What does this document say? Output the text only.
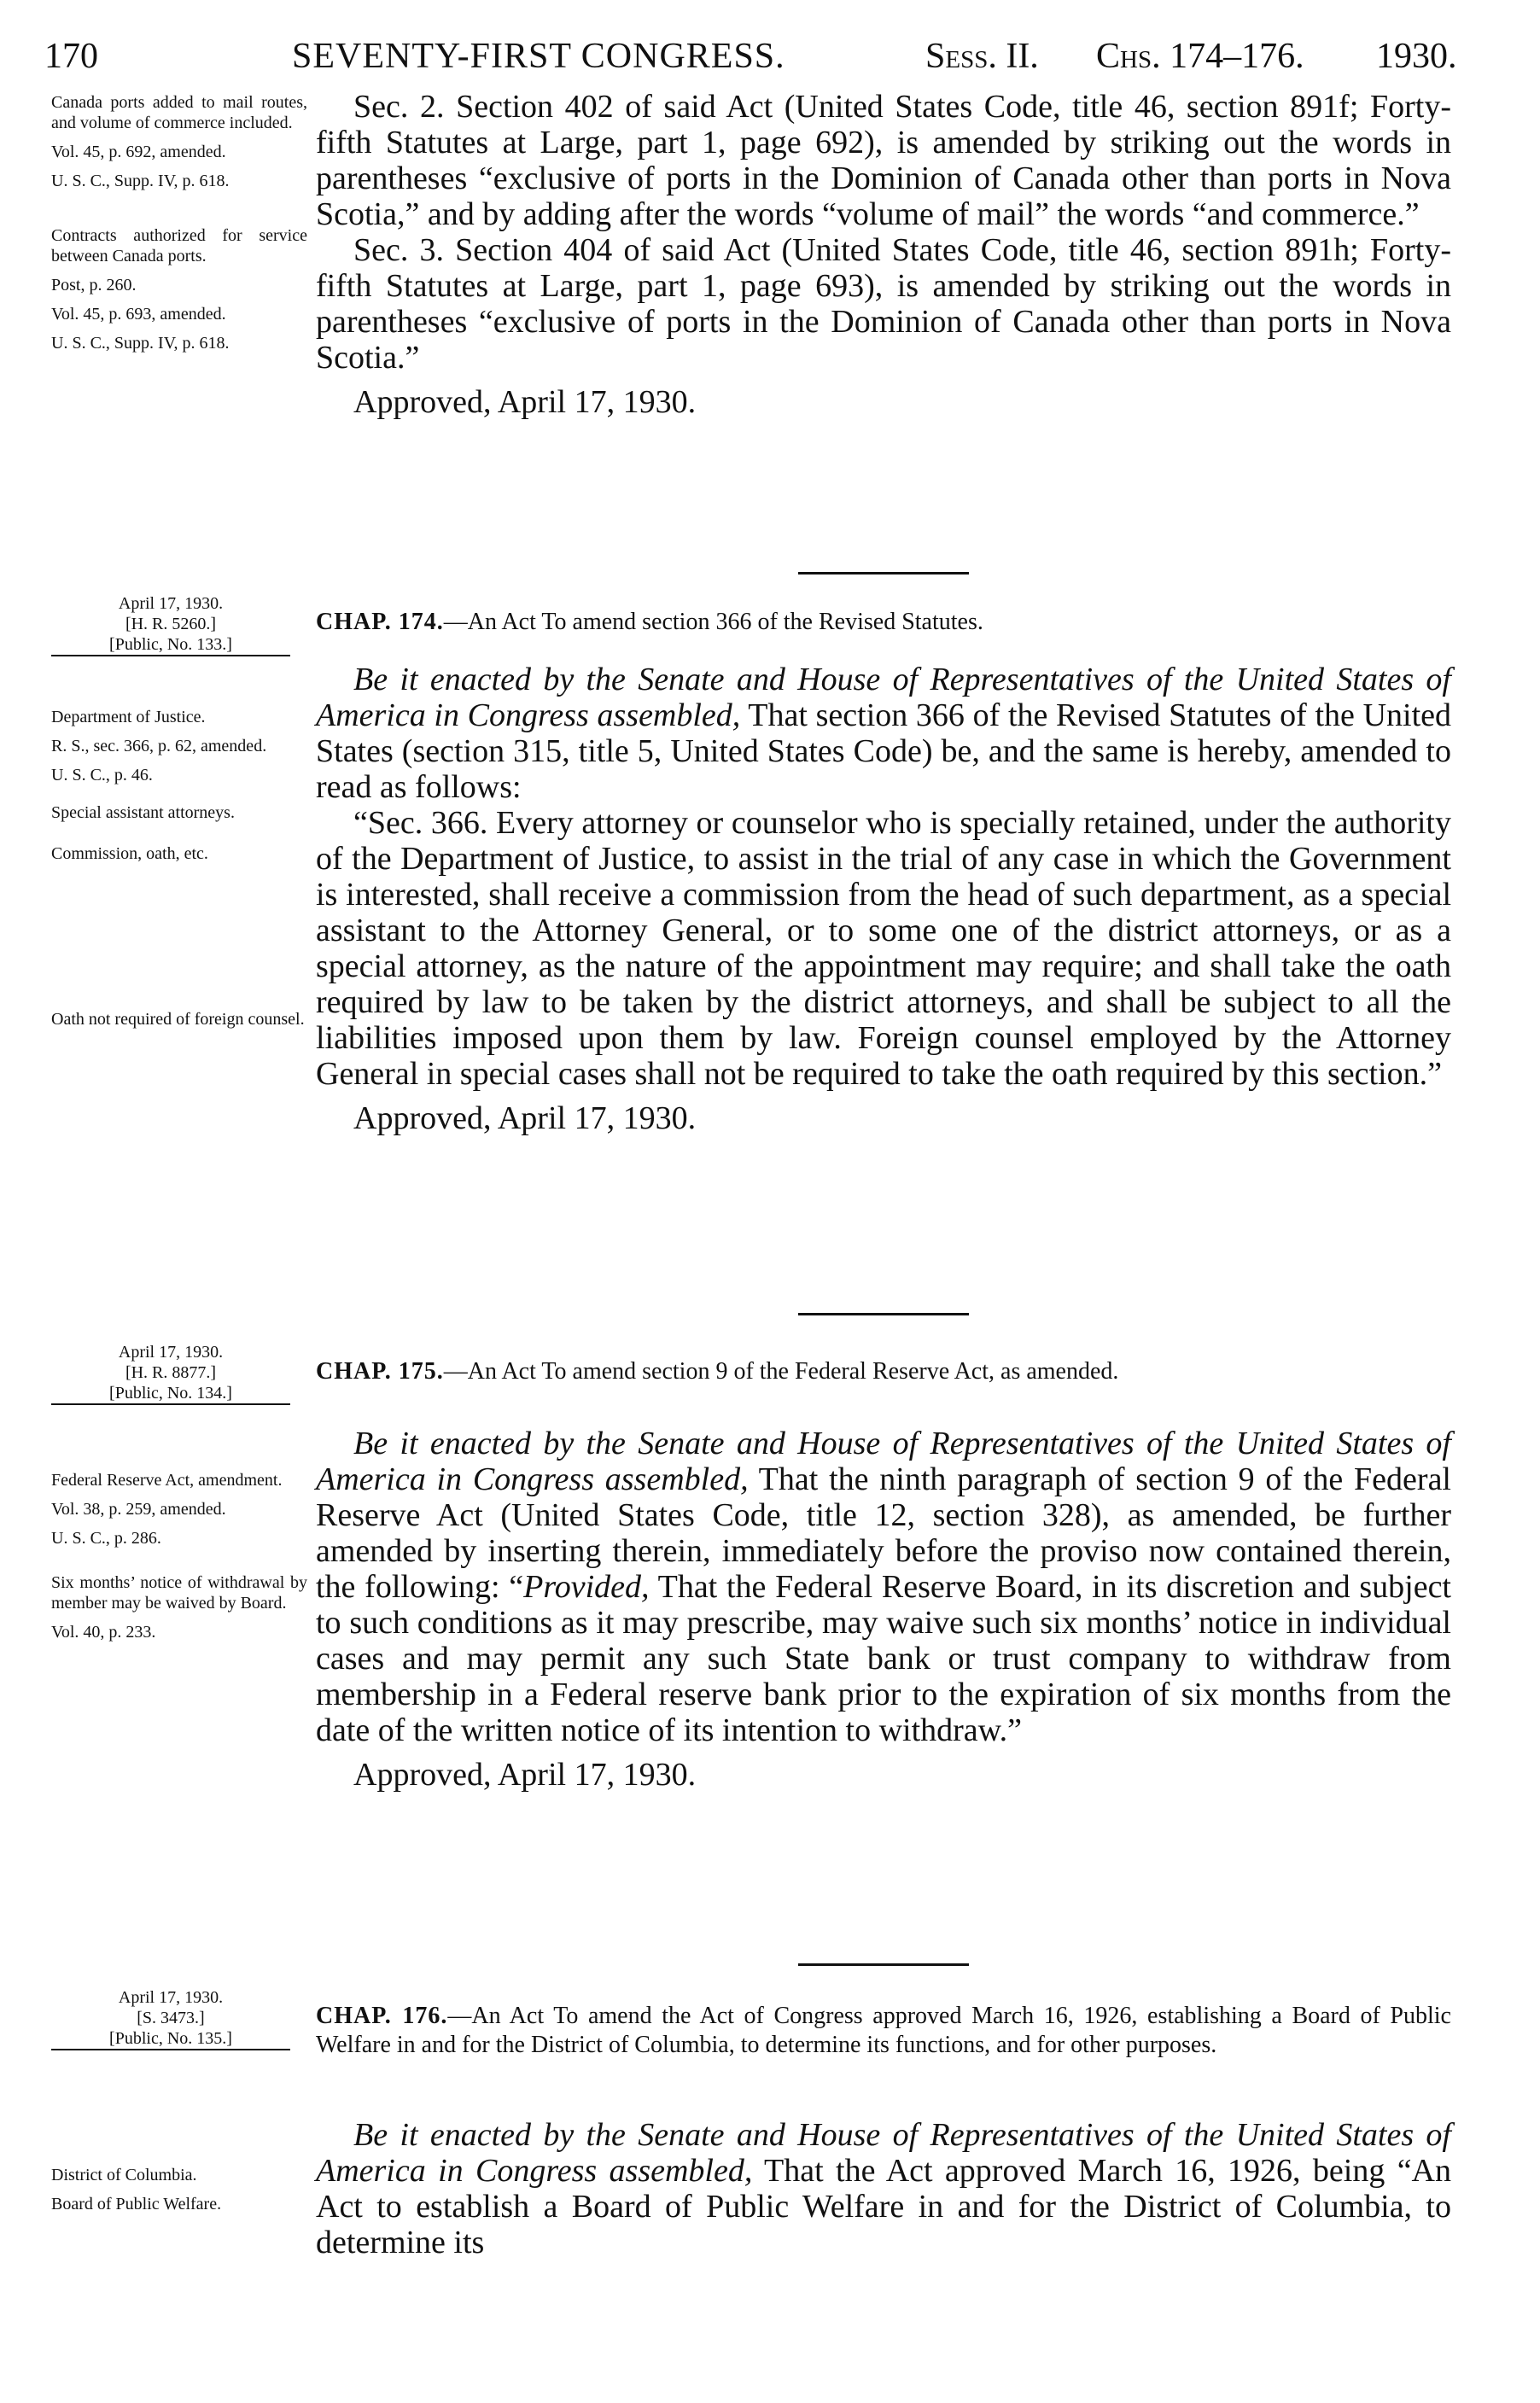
170	SEVENTY-FIRST CONGRESS.	Sess. II. Chs. 174–176. 1930.

Canada ports added to mail routes, and volume of commerce included.

Vol. 45, p. 692, amended.

U. S. C., Supp. IV, p. 618.

Contracts authorized for service between Canada ports.

Post, p. 260.

Vol. 45, p. 693, amended.

U. S. C., Supp. IV, p. 618.

Sec. 2. Section 402 of said Act (United States Code, title 46, section 891f; Forty-fifth Statutes at Large, part 1, page 692), is amended by striking out the words in parentheses “exclusive of ports in the Dominion of Canada other than ports in Nova Scotia,” and by adding after the words “volume of mail” the words “and commerce.”

Sec. 3. Section 404 of said Act (United States Code, title 46, section 891h; Forty-fifth Statutes at Large, part 1, page 693), is amended by striking out the words in parentheses “exclusive of ports in the Dominion of Canada other than ports in Nova Scotia.”

Approved, April 17, 1930.

April 17, 1930.
[H. R. 5260.]
[Public, No. 133.]
CHAP. 174.—An Act To amend section 366 of the Revised Statutes.

Department of Justice.

R. S., sec. 366, p. 62, amended.

U. S. C., p. 46.

Special assistant attorneys.

Commission, oath, etc.

Oath not required of foreign counsel.

Be it enacted by the Senate and House of Representatives of the United States of America in Congress assembled, That section 366 of the Revised Statutes of the United States (section 315, title 5, United States Code) be, and the same is hereby, amended to read as follows:

“Sec. 366. Every attorney or counselor who is specially retained, under the authority of the Department of Justice, to assist in the trial of any case in which the Government is interested, shall receive a commission from the head of such department, as a special assistant to the Attorney General, or to some one of the district attorneys, or as a special attorney, as the nature of the appointment may require; and shall take the oath required by law to be taken by the district attorneys, and shall be subject to all the liabilities imposed upon them by law. Foreign counsel employed by the Attorney General in special cases shall not be required to take the oath required by this section.”

Approved, April 17, 1930.

April 17, 1930.
[H. R. 8877.]
[Public, No. 134.]
CHAP. 175.—An Act To amend section 9 of the Federal Reserve Act, as amended.

Federal Reserve Act, amendment.

Vol. 38, p. 259, amended.

U. S. C., p. 286.

Six months’ notice of withdrawal by member may be waived by Board.

Vol. 40, p. 233.

Be it enacted by the Senate and House of Representatives of the United States of America in Congress assembled, That the ninth paragraph of section 9 of the Federal Reserve Act (United States Code, title 12, section 328), as amended, be further amended by inserting therein, immediately before the proviso now contained therein, the following: “Provided, That the Federal Reserve Board, in its discretion and subject to such conditions as it may prescribe, may waive such six months’ notice in individual cases and may permit any such State bank or trust company to withdraw from membership in a Federal reserve bank prior to the expiration of six months from the date of the written notice of its intention to withdraw.”

Approved, April 17, 1930.

April 17, 1930.
[S. 3473.]
[Public, No. 135.]
CHAP. 176.—An Act To amend the Act of Congress approved March 16, 1926, establishing a Board of Public Welfare in and for the District of Columbia, to determine its functions, and for other purposes.

District of Columbia.

Board of Public Welfare.

Be it enacted by the Senate and House of Representatives of the United States of America in Congress assembled, That the Act approved March 16, 1926, being “An Act to establish a Board of Public Welfare in and for the District of Columbia, to determine its
